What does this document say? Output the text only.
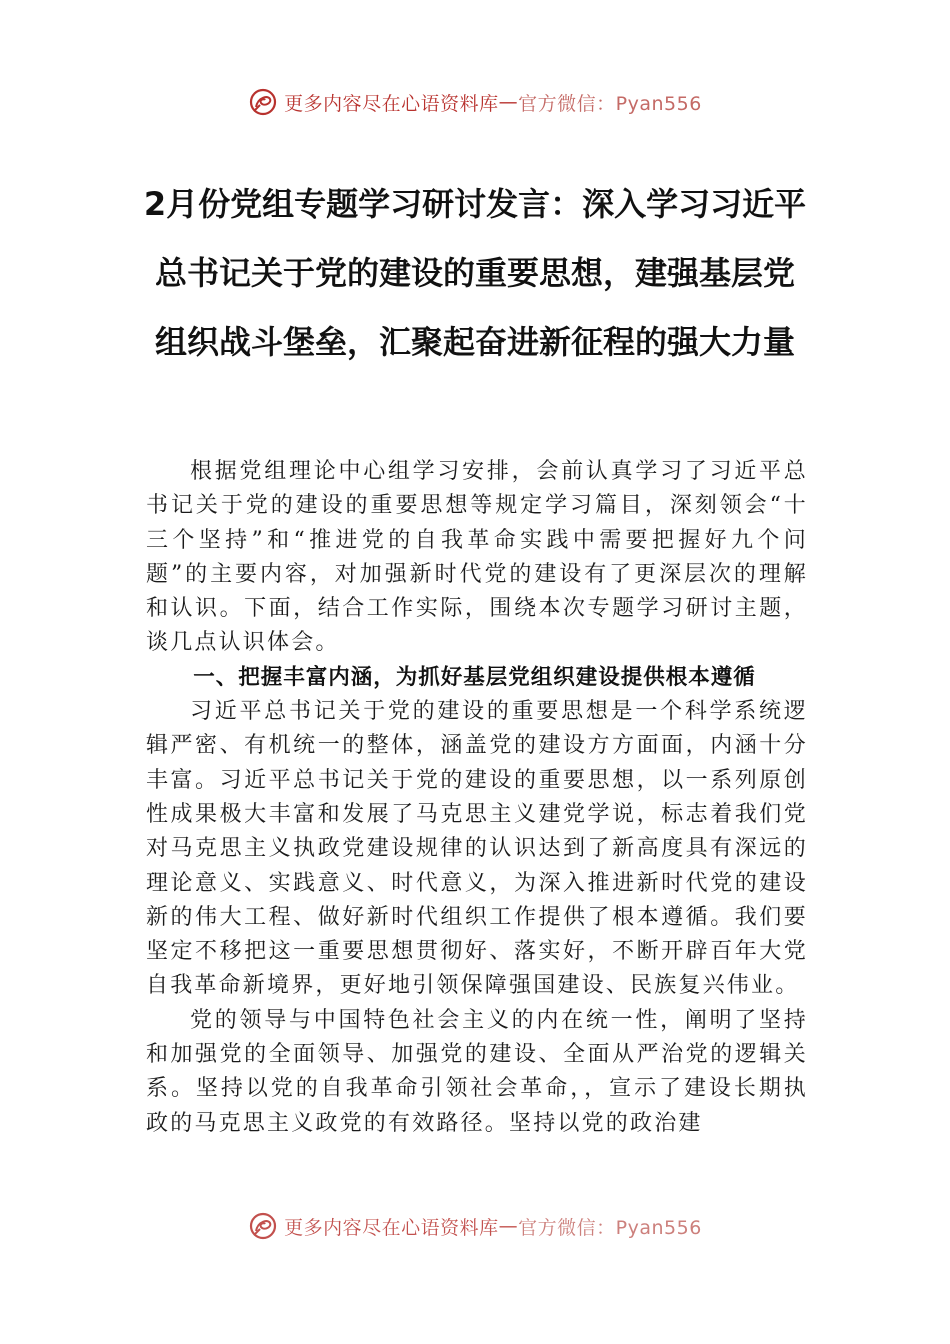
更多内容尽在心语资料库 — 官方微信：Pyan556
2月份党组专题学习研讨发言：深入学习习近平总书记关于党的建设的重要思想，建强基层党组织战斗堡垒，汇聚起奋进新征程的强大力量

根据党组理论中心组学习安排，会前认真学习了习近平总书记关于党的建设的重要思想等规定学习篇目，深刻领会“十三个坚持”和“推进党的自我革命实践中需要把握好九个问题”的主要内容，对加强新时代党的建设有了更深层次的理解和认识。下面，结合工作实际，围绕本次专题学习研讨主题，谈几点认识体会。

一、把握丰富内涵，为抓好基层党组织建设提供根本遵循

习近平总书记关于党的建设的重要思想是一个科学系统逻辑严密、有机统一的整体，涵盖党的建设方方面面，内涵十分丰富。习近平总书记关于党的建设的重要思想，以一系列原创性成果极大丰富和发展了马克思主义建党学说，标志着我们党对马克思主义执政党建设规律的认识达到了新高度具有深远的理论意义、实践意义、时代意义，为深入推进新时代党的建设新的伟大工程、做好新时代组织工作提供了根本遵循。我们要坚定不移把这一重要思想贯彻好、落实好，不断开辟百年大党自我革命新境界，更好地引领保障强国建设、民族复兴伟业。

党的领导与中国特色社会主义的内在统一性，阐明了坚持和加强党的全面领导、加强党的建设、全面从严治党的逻辑关系。坚持以党的自我革命引领社会革命，，宣示了建设长期执政的马克思主义政党的有效路径。坚持以党的政治建

更多内容尽在心语资料库 — 官方微信：Pyan556
